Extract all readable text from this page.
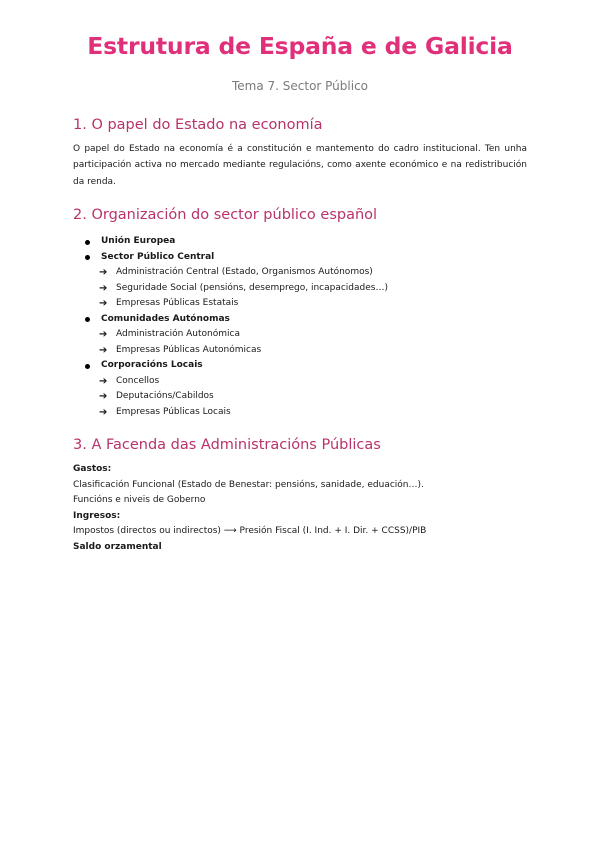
Estrutura de España e de Galicia

Tema 7. Sector Público

1. O papel do Estado na economía

O papel do Estado na economía é a constitución e mantemento do cadro institucional. Ten unha participación activa no mercado mediante regulacións, como axente económico e na redistribución da renda.

2. Organización do sector público español
Unión Europea
Sector Público Central
➔ Administración Central (Estado, Organismos Autónomos)
➔ Seguridade Social (pensións, desemprego, incapacidades…)
➔ Empresas Públicas Estatais
Comunidades Autónomas
➔ Administración Autonómica
➔ Empresas Públicas Autonómicas
Corporacións Locais
➔ Concellos
➔ Deputacións/Cabildos
➔ Empresas Públicas Locais
3. A Facenda das Administracións Públicas
Gastos:
Clasificación Funcional (Estado de Benestar: pensións, sanidade, eduación…).
Funcións e niveis de Goberno
Ingresos:
Impostos (directos ou indirectos) ⟶ Presión Fiscal (I. Ind. + I. Dir. + CCSS)/PIB
Saldo orzamental
